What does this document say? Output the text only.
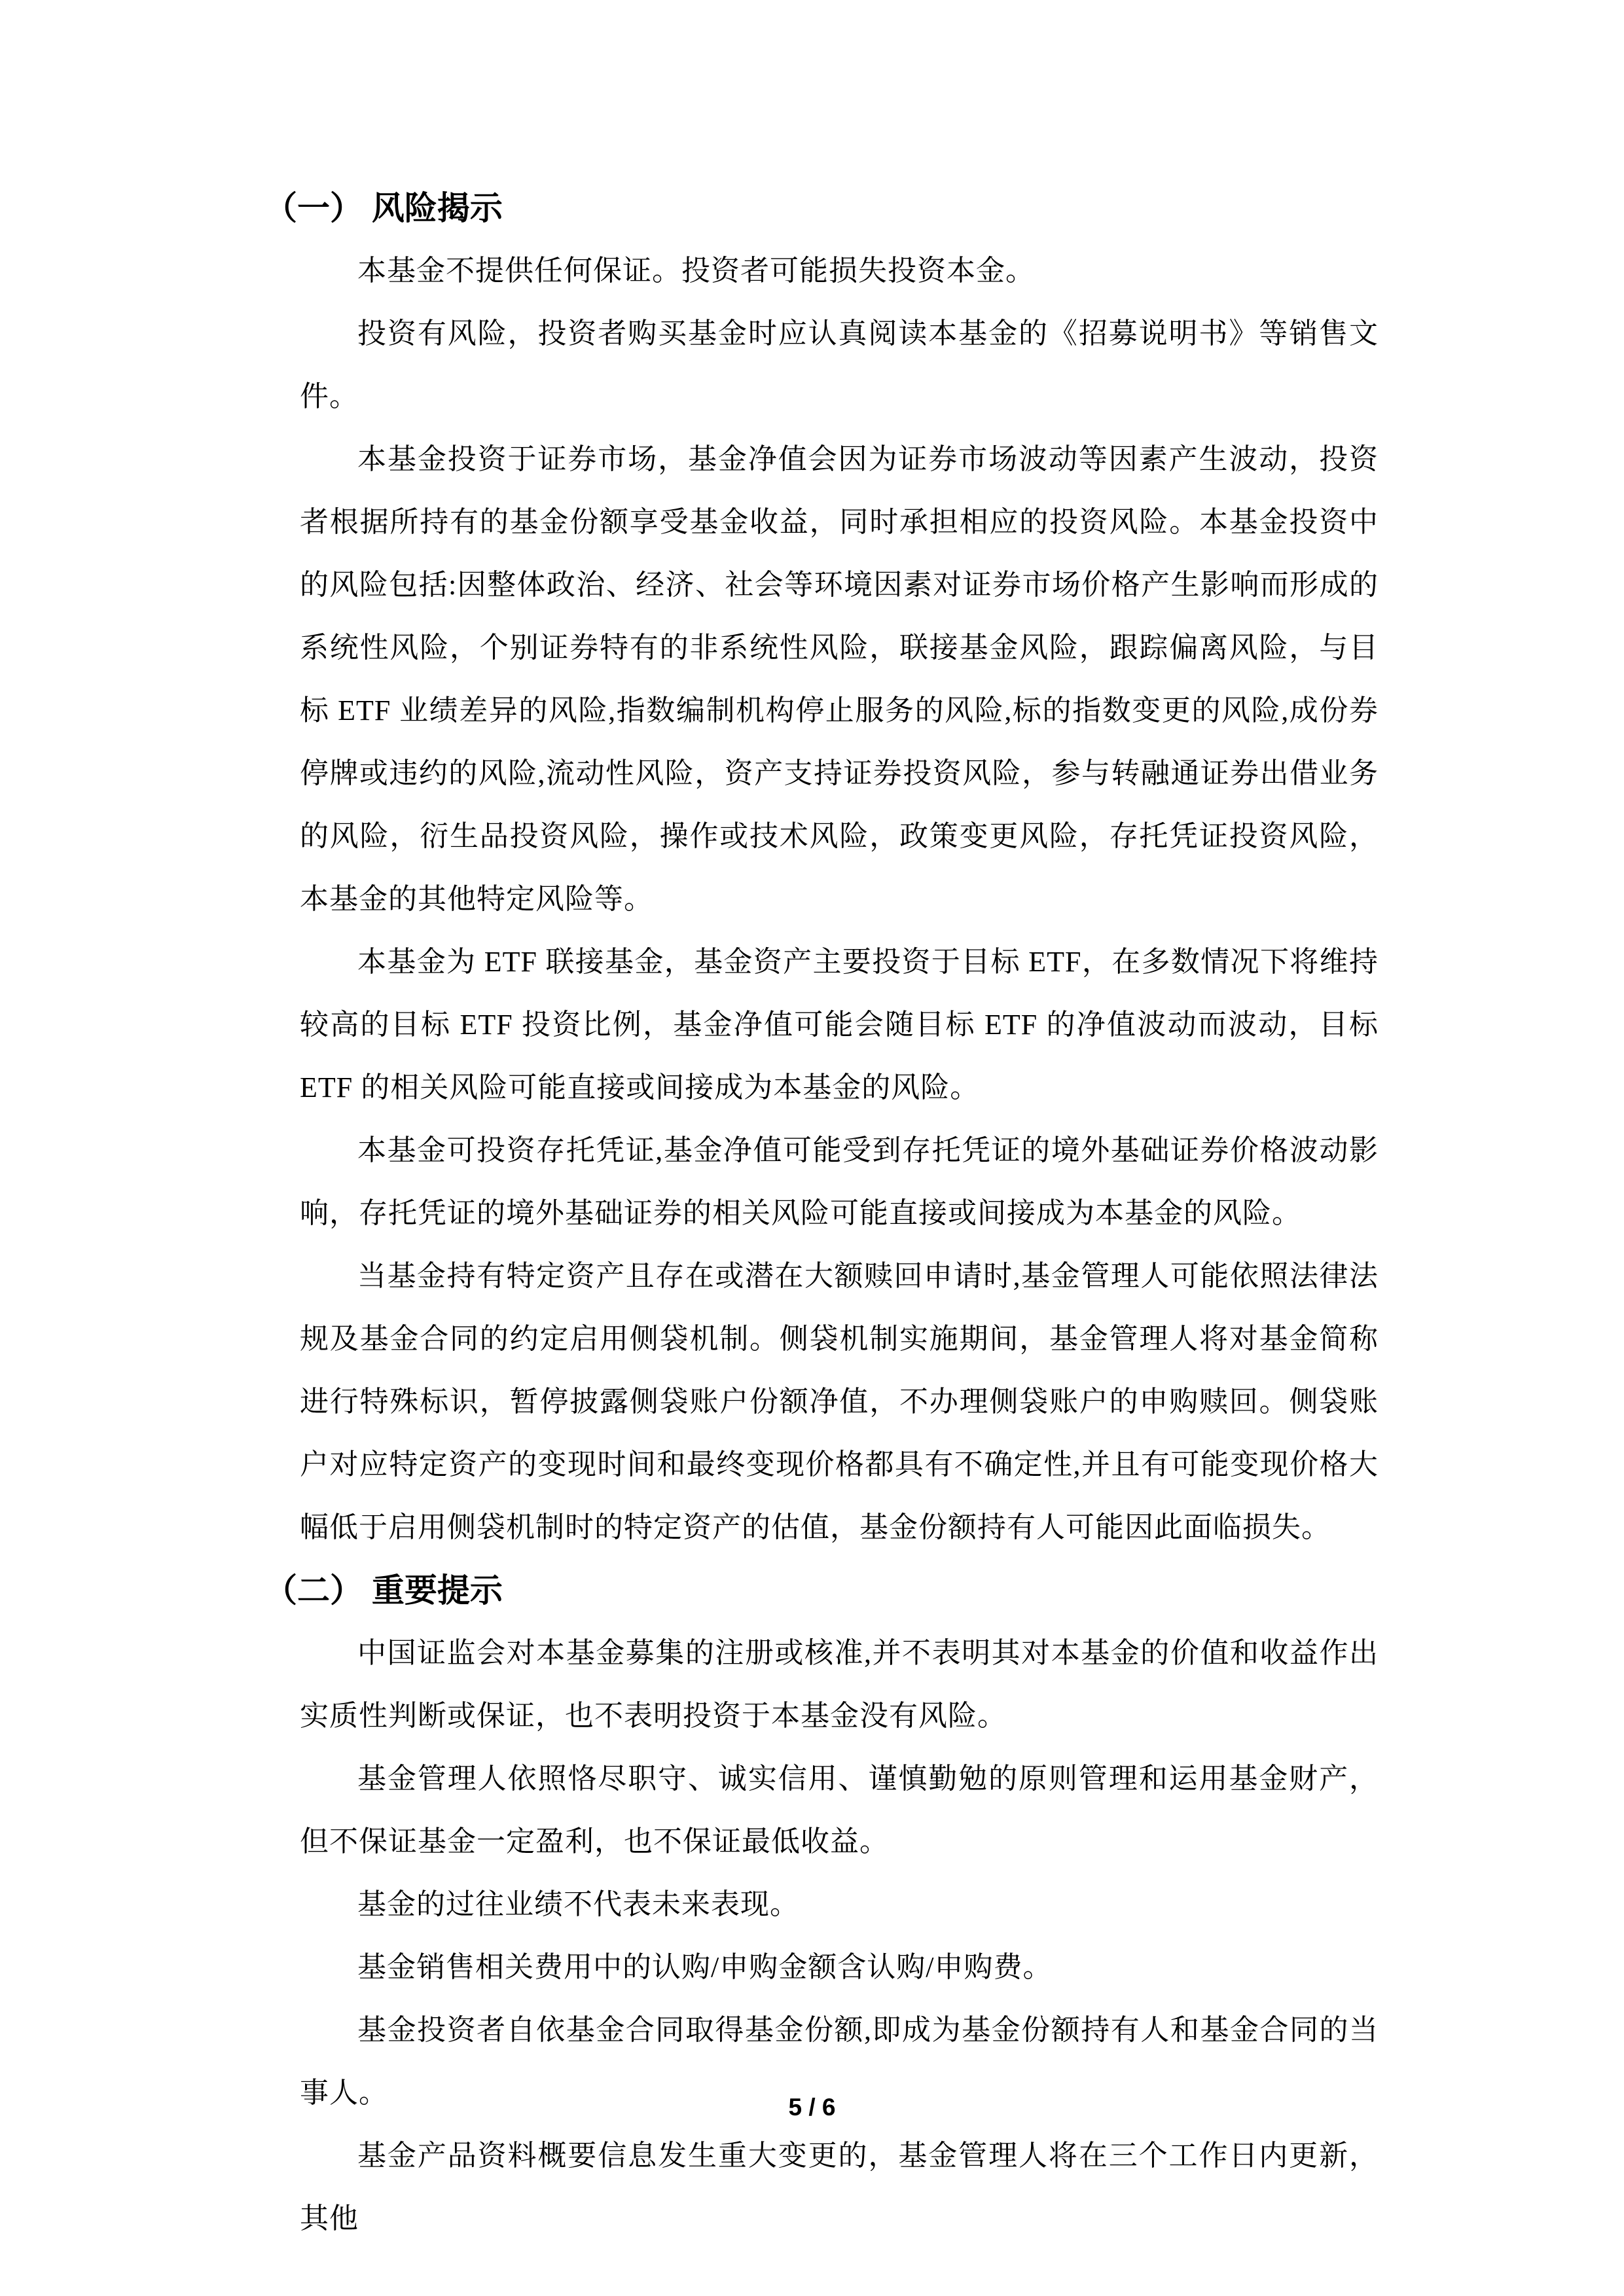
（一） 风险揭示

本基金不提供任何保证。投资者可能损失投资本金。

投资有风险，投资者购买基金时应认真阅读本基金的《招募说明书》等销售文件。

本基金投资于证券市场，基金净值会因为证券市场波动等因素产生波动，投资者根据所持有的基金份额享受基金收益，同时承担相应的投资风险。本基金投资中的风险包括:因整体政治、经济、社会等环境因素对证券市场价格产生影响而形成的系统性风险，个别证券特有的非系统性风险，联接基金风险，跟踪偏离风险，与目标 ETF 业绩差异的风险,指数编制机构停止服务的风险,标的指数变更的风险,成份券停牌或违约的风险,流动性风险，资产支持证券投资风险，参与转融通证券出借业务的风险，衍生品投资风险，操作或技术风险，政策变更风险，存托凭证投资风险，本基金的其他特定风险等。

本基金为 ETF 联接基金，基金资产主要投资于目标 ETF，在多数情况下将维持较高的目标 ETF 投资比例，基金净值可能会随目标 ETF 的净值波动而波动，目标 ETF 的相关风险可能直接或间接成为本基金的风险。

本基金可投资存托凭证,基金净值可能受到存托凭证的境外基础证券价格波动影响，存托凭证的境外基础证券的相关风险可能直接或间接成为本基金的风险。

当基金持有特定资产且存在或潜在大额赎回申请时,基金管理人可能依照法律法规及基金合同的约定启用侧袋机制。侧袋机制实施期间，基金管理人将对基金简称进行特殊标识，暂停披露侧袋账户份额净值，不办理侧袋账户的申购赎回。侧袋账户对应特定资产的变现时间和最终变现价格都具有不确定性,并且有可能变现价格大幅低于启用侧袋机制时的特定资产的估值，基金份额持有人可能因此面临损失。

（二） 重要提示

中国证监会对本基金募集的注册或核准,并不表明其对本基金的价值和收益作出实质性判断或保证，也不表明投资于本基金没有风险。

基金管理人依照恪尽职守、诚实信用、谨慎勤勉的原则管理和运用基金财产，但不保证基金一定盈利，也不保证最低收益。

基金的过往业绩不代表未来表现。

基金销售相关费用中的认购/申购金额含认购/申购费。

基金投资者自依基金合同取得基金份额,即成为基金份额持有人和基金合同的当事人。

基金产品资料概要信息发生重大变更的，基金管理人将在三个工作日内更新，其他

5 / 6
